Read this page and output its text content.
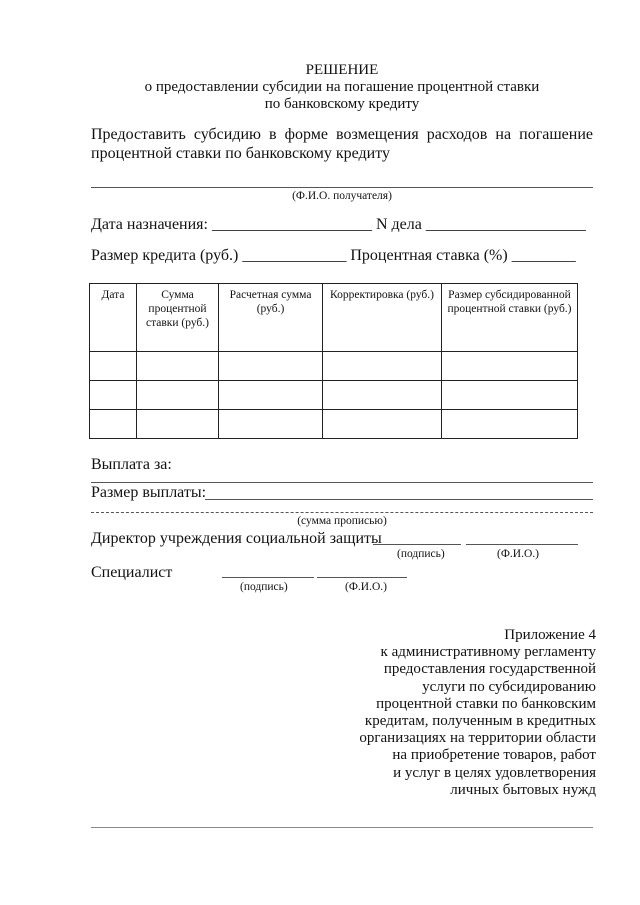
РЕШЕНИЕ
о предоставлении субсидии на погашение процентной ставки
по банковскому кредиту
Предоставить субсидию в форме возмещения расходов на погашение
процентной ставки по банковскому кредиту
(Ф.И.О. получателя)
Дата назначения: ____________________ N дела ____________________
Размер кредита (руб.) _____________ Процентная ставка (%) ________
Дата	Сумма процентной ставки (руб.)	Расчетная сумма (руб.)	Корректировка (руб.)	Размер субсидированной процентной ставки (руб.)

Выплата за:
Размер выплаты:
(сумма прописью)
Директор учреждения социальной защиты
(подпись)	(Ф.И.О.)
Специалист
(подпись)	(Ф.И.О.)
Приложение 4
к административному регламенту
предоставления государственной
услуги по субсидированию
процентной ставки по банковским
кредитам, полученным в кредитных
организациях на территории области
на приобретение товаров, работ
и услуг в целях удовлетворения
личных бытовых нужд
